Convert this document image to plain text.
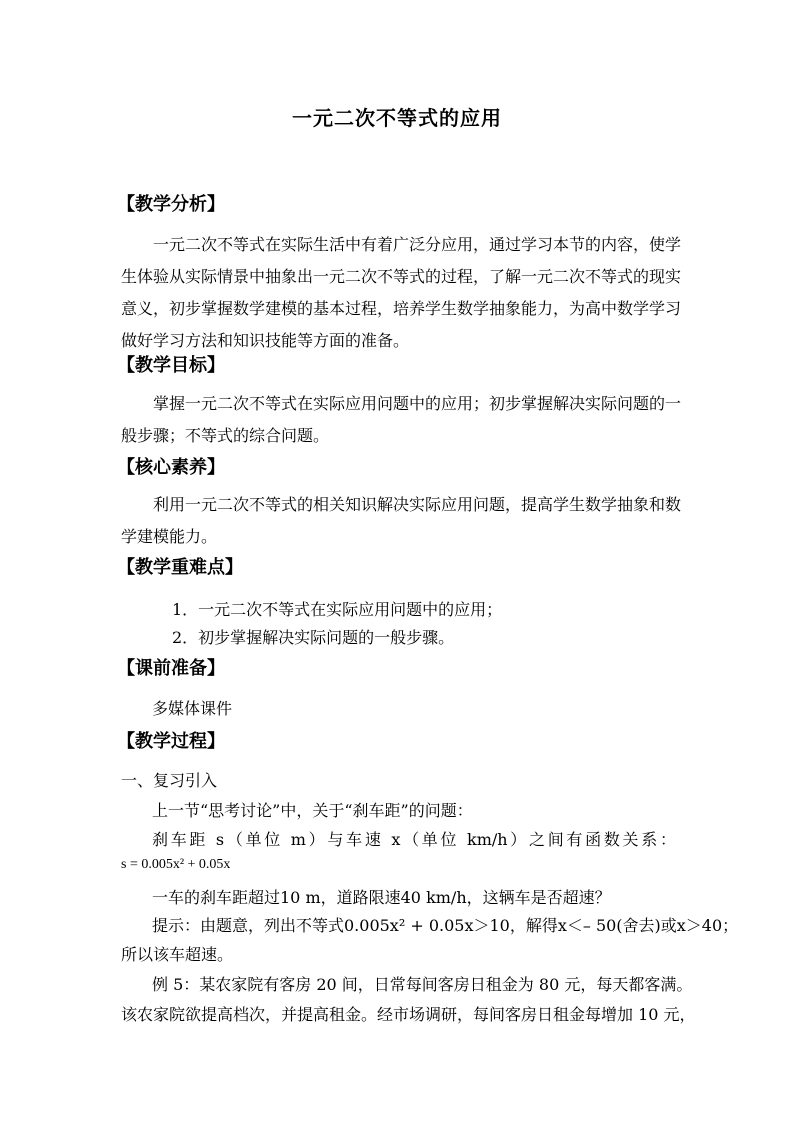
一元二次不等式的应用
【教学分析】
一元二次不等式在实际生活中有着广泛分应用，通过学习本节的内容，使学生体验从实际情景中抽象出一元二次不等式的过程，了解一元二次不等式的现实意义，初步掌握数学建模的基本过程，培养学生数学抽象能力，为高中数学学习做好学习方法和知识技能等方面的准备。
【教学目标】
掌握一元二次不等式在实际应用问题中的应用；初步掌握解决实际问题的一般步骤；不等式的综合问题。
【核心素养】
利用一元二次不等式的相关知识解决实际应用问题，提高学生数学抽象和数学建模能力。
【教学重难点】
1．一元二次不等式在实际应用问题中的应用；
2．初步掌握解决实际问题的一般步骤。
【课前准备】
多媒体课件
【教学过程】
一、复习引入
上一节“思考讨论”中，关于“刹车距”的问题：
刹车距 s（单位 m）与车速 x（单位 km/h）之间有函数关系：
s = 0.005x² + 0.05x
一车的刹车距超过10 m，道路限速40 km/h，这辆车是否超速？
提示：由题意，列出不等式0.005x² + 0.05x＞10，解得x＜– 50(舍去)或x＞40；
所以该车超速。
例 5：某农家院有客房 20 间，日常每间客房日租金为 80 元，每天都客满。
该农家院欲提高档次，并提高租金。经市场调研，每间客房日租金每增加 10 元，
